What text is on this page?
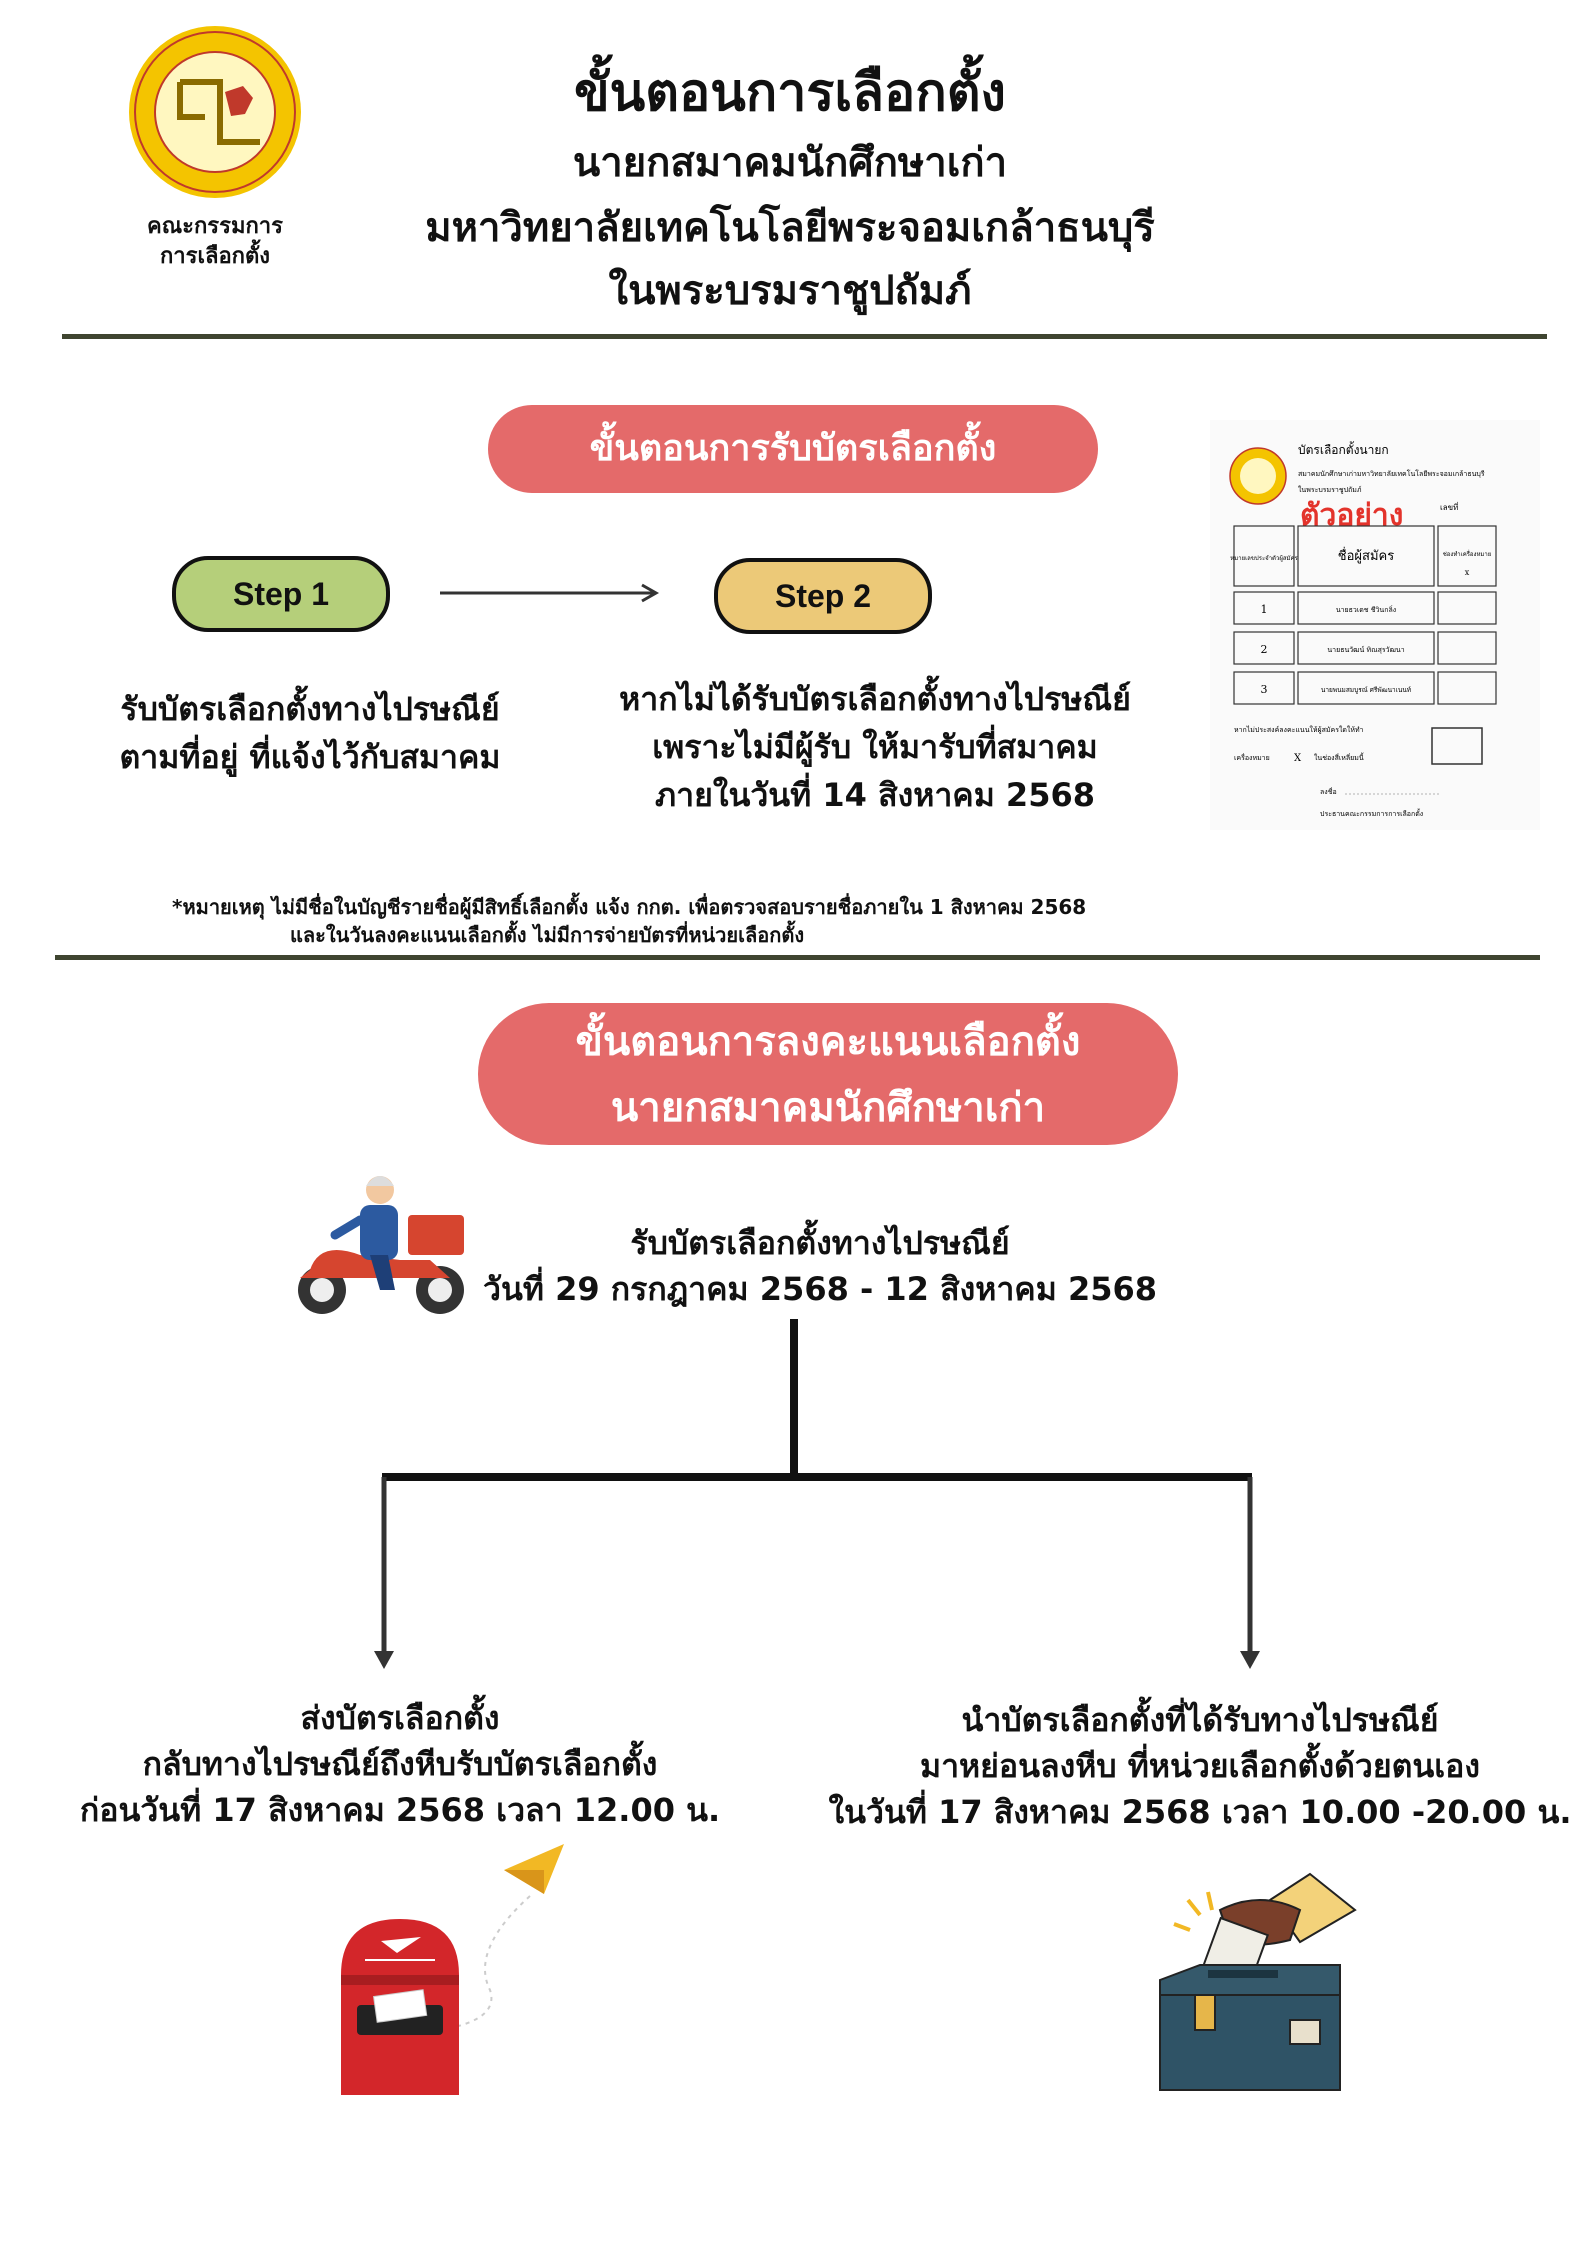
คณะกรรมการ
การเลือกตั้ง
ขั้นตอนการเลือกตั้ง
นายกสมาคมนักศึกษาเก่า
มหาวิทยาลัยเทคโนโลยีพระจอมเกล้าธนบุรี
ในพระบรมราชูปถัมภ์
ขั้นตอนการรับบัตรเลือกตั้ง
Step 1	Step 2
รับบัตรเลือกตั้งทางไปรษณีย์
ตามที่อยู่ ที่แจ้งไว้กับสมาคม
หากไม่ได้รับบัตรเลือกตั้งทางไปรษณีย์
เพราะไม่มีผู้รับ ให้มารับที่สมาคม
ภายในวันที่ 14 สิงหาคม 2568
บัตรเลือกตั้งนายก
สมาคมนักศึกษาเก่ามหาวิทยาลัยเทคโนโลยีพระจอมเกล้าธนบุรี
ในพระบรมราชูปถัมภ์
เลขที่
ตัวอย่าง
หมายเลขประจำตัวผู้สมัคร	ชื่อผู้สมัคร	ช่องทำเครื่องหมาย
x
1	นายธวเดช ชีวินกลิ่ง
2	นายธนวัฒน์ ทิณสุรวัฒนา
3	นายพนมสมบูรณ์ ศรีพัฒนาเนนท์
หากไม่ประสงค์ลงคะแนนให้ผู้สมัครใดให้ทำ
เครื่องหมาย X ในช่องสี่เหลี่ยมนี้
ลงชื่อ
ประธานคณะกรรมการการเลือกตั้ง
*หมายเหตุ ไม่มีชื่อในบัญชีรายชื่อผู้มีสิทธิ์เลือกตั้ง แจ้ง กกต. เพื่อตรวจสอบรายชื่อภายใน 1 สิงหาคม 2568
และในวันลงคะแนนเลือกตั้ง ไม่มีการจ่ายบัตรที่หน่วยเลือกตั้ง
ขั้นตอนการลงคะแนนเลือกตั้ง
นายกสมาคมนักศึกษาเก่า
รับบัตรเลือกตั้งทางไปรษณีย์
วันที่ 29 กรกฎาคม 2568 - 12 สิงหาคม 2568
ส่งบัตรเลือกตั้ง
กลับทางไปรษณีย์ถึงหีบรับบัตรเลือกตั้ง
ก่อนวันที่ 17 สิงหาคม 2568 เวลา 12.00 น.
นำบัตรเลือกตั้งที่ได้รับทางไปรษณีย์
มาหย่อนลงหีบ ที่หน่วยเลือกตั้งด้วยตนเอง
ในวันที่ 17 สิงหาคม 2568 เวลา 10.00 -20.00 น.
